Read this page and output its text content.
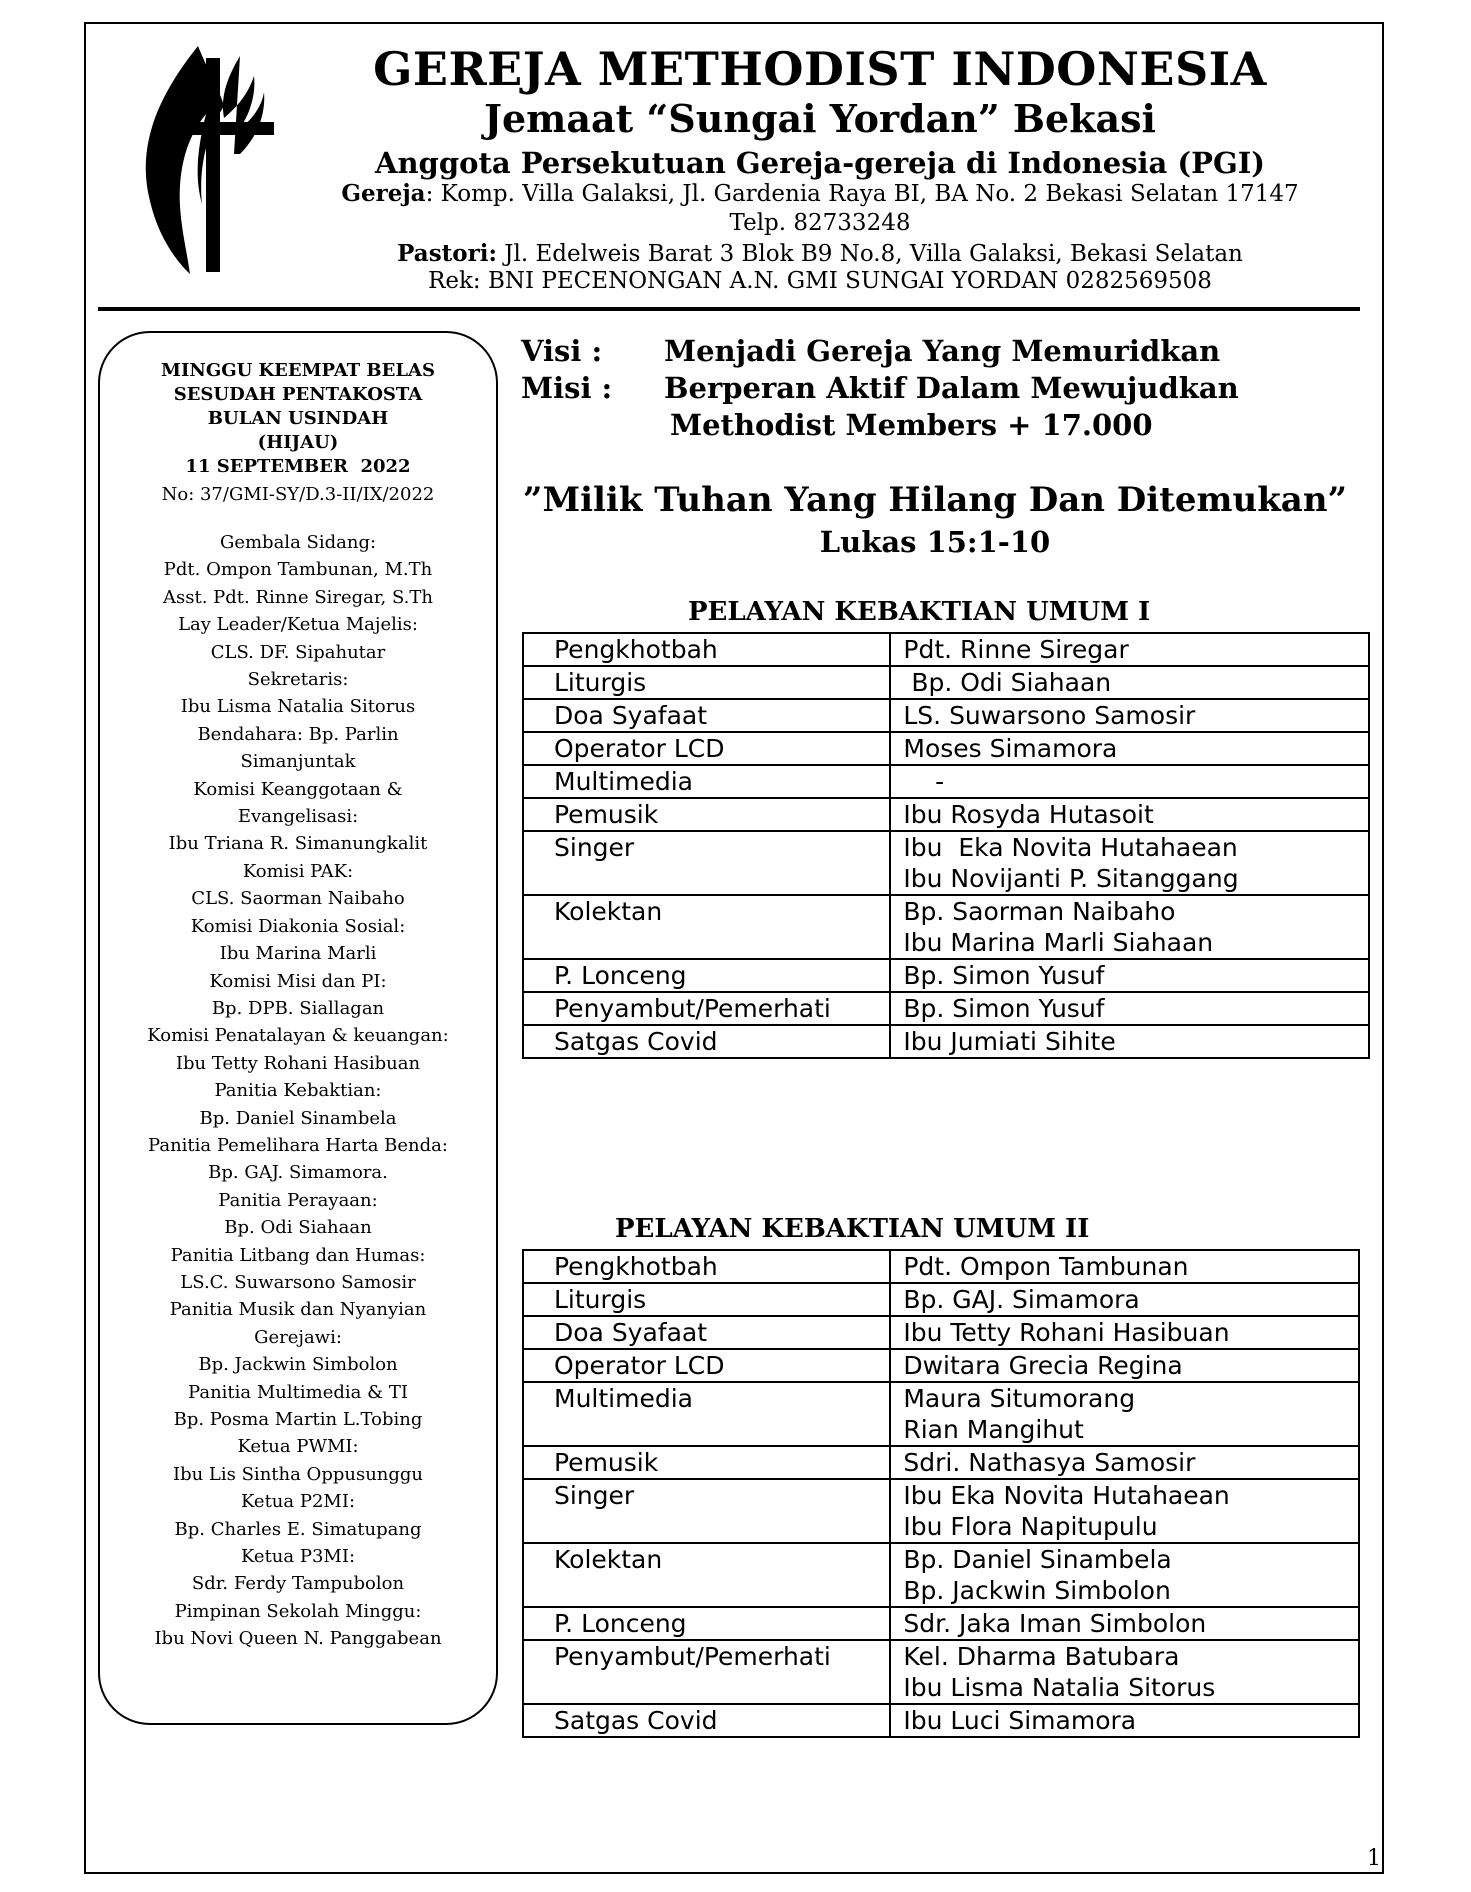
GEREJA METHODIST INDONESIA
Jemaat “Sungai Yordan” Bekasi
Anggota Persekutuan Gereja-gereja di Indonesia (PGI)
Gereja: Komp. Villa Galaksi, Jl. Gardenia Raya BI, BA No. 2 Bekasi Selatan 17147
Telp. 82733248
Pastori: Jl. Edelweis Barat 3 Blok B9 No.8, Villa Galaksi, Bekasi Selatan
Rek: BNI PECENONGAN A.N. GMI SUNGAI YORDAN 0282569508
MINGGU KEEMPAT BELAS
SESUDAH PENTAKOSTA
BULAN USINDAH
(HIJAU)
11 SEPTEMBER  2022
No: 37/GMI-SY/D.3-II/IX/2022
Gembala Sidang:
Pdt. Ompon Tambunan, M.Th
Asst. Pdt. Rinne Siregar, S.Th
Lay Leader/Ketua Majelis:
CLS. DF. Sipahutar
Sekretaris:
Ibu Lisma Natalia Sitorus
Bendahara: Bp. Parlin
Simanjuntak
Komisi Keanggotaan &
Evangelisasi:
Ibu Triana R. Simanungkalit
Komisi PAK:
CLS. Saorman Naibaho
Komisi Diakonia Sosial:
Ibu Marina Marli
Komisi Misi dan PI:
Bp. DPB. Siallagan
Komisi Penatalayan & keuangan:
Ibu Tetty Rohani Hasibuan
Panitia Kebaktian:
Bp. Daniel Sinambela
Panitia Pemelihara Harta Benda:
Bp. GAJ. Simamora.
Panitia Perayaan:
Bp. Odi Siahaan
Panitia Litbang dan Humas:
LS.C. Suwarsono Samosir
Panitia Musik dan Nyanyian
Gerejawi:
Bp. Jackwin Simbolon
Panitia Multimedia & TI
Bp. Posma Martin L.Tobing
Ketua PWMI:
Ibu Lis Sintha Oppusunggu
Ketua P2MI:
Bp. Charles E. Simatupang
Ketua P3MI:
Sdr. Ferdy Tampubolon
Pimpinan Sekolah Minggu:
Ibu Novi Queen N. Panggabean
Visi : Menjadi Gereja Yang Memuridkan
Misi : Berperan Aktif Dalam Mewujudkan
Methodist Members + 17.000
”Milik Tuhan Yang Hilang Dan Ditemukan”
Lukas 15:1-10
PELAYAN KEBAKTIAN UMUM I
Pengkhotbah	Pdt. Rinne Siregar
Liturgis	Bp. Odi Siahaan
Doa Syafaat	LS. Suwarsono Samosir
Operator LCD	Moses Simamora
Multimedia	-
Pemusik	Ibu Rosyda Hutasoit
Singer	Ibu  Eka Novita Hutahaean
Ibu Novijanti P. Sitanggang
Kolektan	Bp. Saorman Naibaho
Ibu Marina Marli Siahaan
P. Lonceng	Bp. Simon Yusuf
Penyambut/Pemerhati	Bp. Simon Yusuf
Satgas Covid	Ibu Jumiati Sihite
PELAYAN KEBAKTIAN UMUM II
Pengkhotbah	Pdt. Ompon Tambunan
Liturgis	Bp. GAJ. Simamora
Doa Syafaat	Ibu Tetty Rohani Hasibuan
Operator LCD	Dwitara Grecia Regina
Multimedia	Maura Situmorang
Rian Mangihut
Pemusik	Sdri. Nathasya Samosir
Singer	Ibu Eka Novita Hutahaean
Ibu Flora Napitupulu
Kolektan	Bp. Daniel Sinambela
Bp. Jackwin Simbolon
P. Lonceng	Sdr. Jaka Iman Simbolon
Penyambut/Pemerhati	Kel. Dharma Batubara
Ibu Lisma Natalia Sitorus
Satgas Covid	Ibu Luci Simamora
1
